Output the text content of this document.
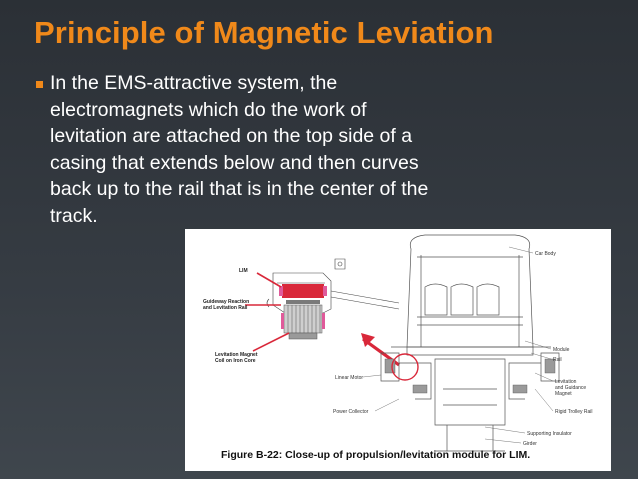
Principle of Magnetic Leviation

In the EMS-attractive system, the
electromagnets which do the work of
levitation are attached on the top side of a
casing that extends below and then curves
back up to the rail that is in the center of the
track.

LIM
Guideway Reaction
and Levitation Rail
Levitation Magnet
Coil on Iron Core
Car Body
Module
Rail
Linear Motor
Levitation
and Guidance
Magnet
Power Collector	Rigid Trolley Rail
Supporting Insulator
Girder
Figure B-22: Close-up of propulsion/levitation module for LIM.
